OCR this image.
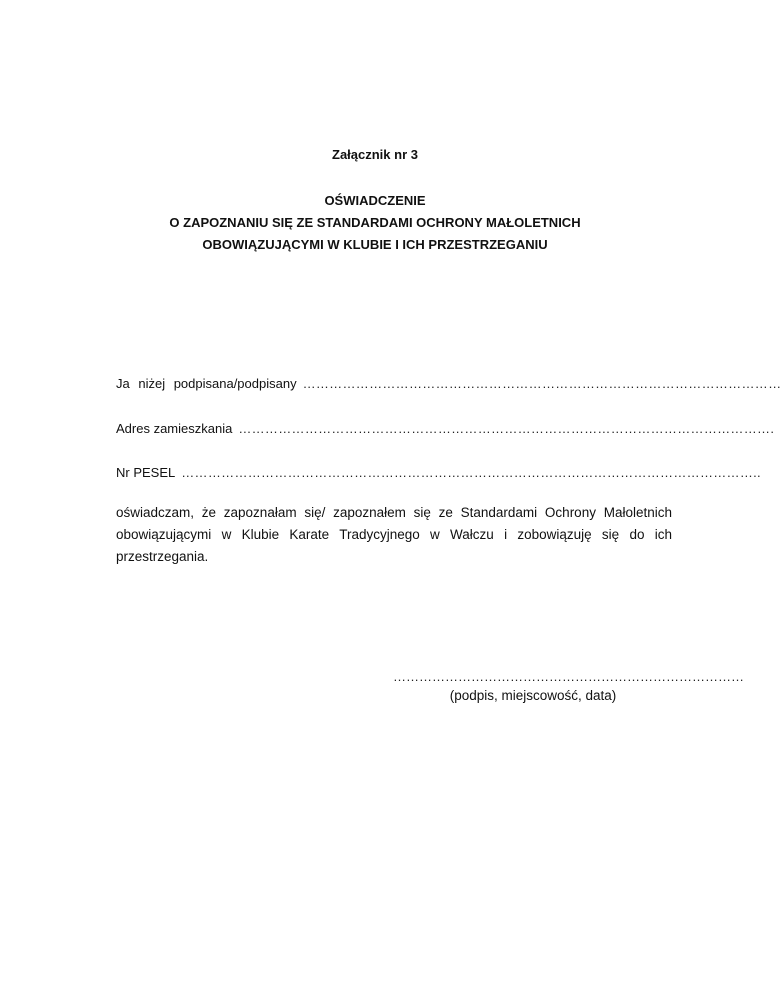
Załącznik nr 3
OŚWIADCZENIE
O ZAPOZNANIU SIĘ ZE STANDARDAMI OCHRONY MAŁOLETNICH
OBOWIĄZUJĄCYMI W KLUBIE I ICH PRZESTRZEGANIU
Ja niżej podpisana/podpisany ………………………………………………………………………………………………
Adres zamieszkania ………………………………………………………………………………………………………….
Nr PESEL …………………………………………………………………………………………………………………..
oświadczam, że zapoznałam się/ zapoznałem się ze Standardami Ochrony Małoletnich obowiązującymi w Klubie Karate Tradycyjnego w Wałczu i zobowiązuję się do ich przestrzegania.
………………………………………………………………………
(podpis, miejscowość, data)
